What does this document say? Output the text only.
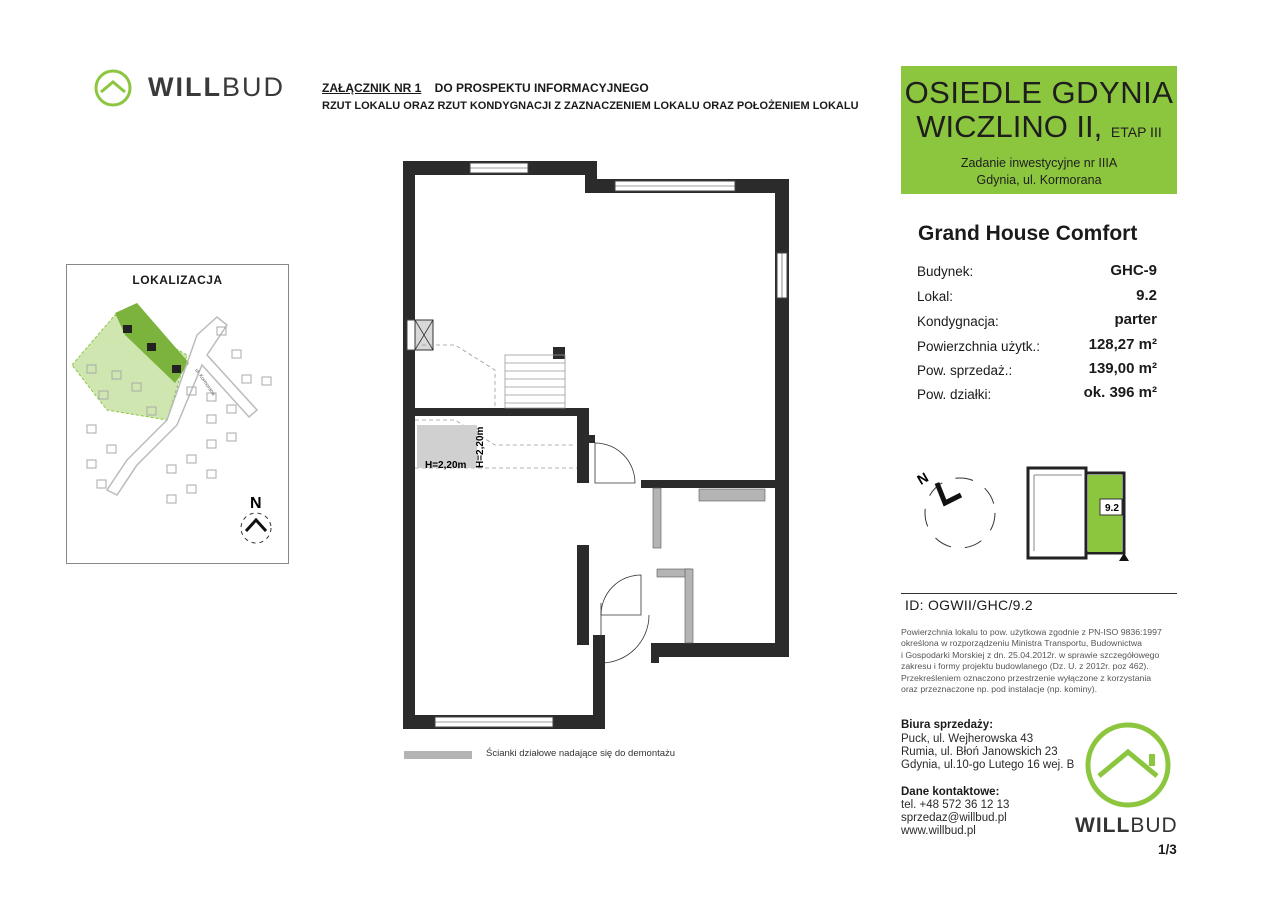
WILLBUD	ZAŁĄCZNIK NR 1 DO PROSPEKTU INFORMACYJNEGO
RZUT LOKALU ORAZ RZUT KONDYGNACJI Z ZAZNACZENIEM LOKALU ORAZ POŁOŻENIEM LOKALU OSIEDLE GDYNIA
WICZLINO II, ETAP III
Zadanie inwestycyjne nr IIIA
Gdynia, ul. Kormorana
Grand House Comfort
Budynek:	GHC-9
Lokal:	9.2
Kondygnacja:	parter
Powierzchnia użytk.:	128,27 m²
Pow. sprzedaż.:	139,00 m²
Pow. działki:	ok. 396 m²
N
9.2
ID: OGWII/GHC/9.2
Powierzchnia lokalu to pow. użytkowa zgodnie z PN-ISO 9836:1997
określona w rozporządzeniu Ministra Transportu, Budownictwa
i Gospodarki Morskiej z dn. 25.04.2012r. w sprawie szczegółowego
zakresu i formy projektu budowlanego (Dz. U. z 2012r. poz 462).
Przekreśleniem oznaczono przestrzenie wyłączone z korzystania
oraz przeznaczone np. pod instalacje (np. kominy).
Biura sprzedaży:
Puck, ul. Wejherowska 43
Rumia, ul. Błoń Janowskich 23
Gdynia, ul.10-go Lutego 16 wej. B
Dane kontaktowe:
tel. +48 572 36 12 13
sprzedaz@willbud.pl
www.willbud.pl	WILLBUD
1/3
LOKALIZACJA
ul. Kormorana
N
H=2,20m H=2,20m
Ścianki działowe nadające się do demontażu
